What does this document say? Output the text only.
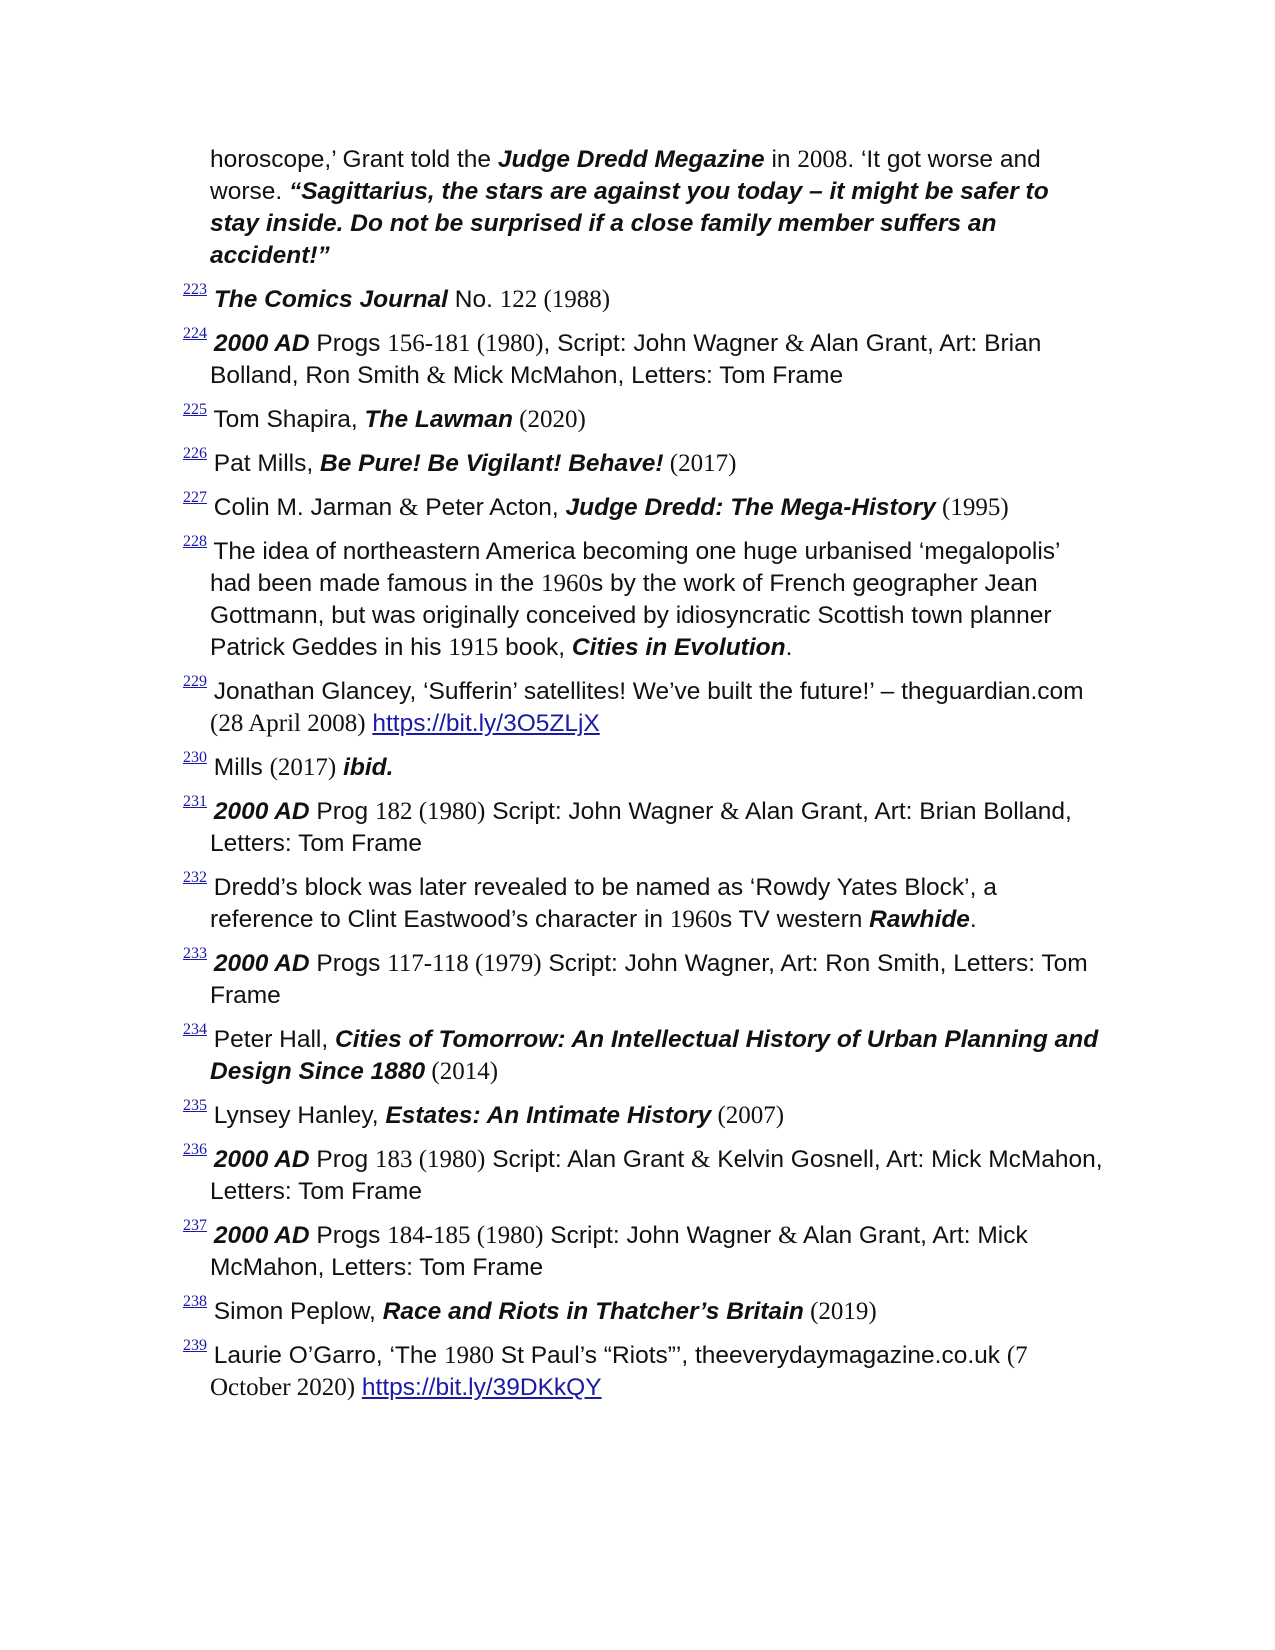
horoscope,’ Grant told the Judge Dredd Megazine in 2008. ‘It got worse and worse. “Sagittarius, the stars are against you today – it might be safer to stay inside. Do not be surprised if a close family member suffers an accident!”
$^{223}$ The Comics Journal No. 122 (1988)
$^{224}$ 2000 AD Progs 156-181 (1980), Script: John Wagner & Alan Grant, Art: Brian Bolland, Ron Smith & Mick McMahon, Letters: Tom Frame
$^{225}$ Tom Shapira, The Lawman (2020)
$^{226}$ Pat Mills, Be Pure! Be Vigilant! Behave! (2017)
$^{227}$ Colin M. Jarman & Peter Acton, Judge Dredd: The Mega-History (1995)
$^{228}$ The idea of northeastern America becoming one huge urbanised ‘megalopolis’ had been made famous in the 1960s by the work of French geographer Jean Gottmann, but was originally conceived by idiosyncratic Scottish town planner Patrick Geddes in his 1915 book, Cities in Evolution.
$^{229}$ Jonathan Glancey, ‘Sufferin’ satellites! We’ve built the future!’ – theguardian.com (28 April 2008) https://bit.ly/3O5ZLjX
$^{230}$ Mills (2017) ibid.
$^{231}$ 2000 AD Prog 182 (1980) Script: John Wagner & Alan Grant, Art: Brian Bolland, Letters: Tom Frame
$^{232}$ Dredd’s block was later revealed to be named as ‘Rowdy Yates Block’, a reference to Clint Eastwood’s character in 1960s TV western Rawhide.
$^{233}$ 2000 AD Progs 117-118 (1979) Script: John Wagner, Art: Ron Smith, Letters: Tom Frame
$^{234}$ Peter Hall, Cities of Tomorrow: An Intellectual History of Urban Planning and Design Since 1880 (2014)
$^{235}$ Lynsey Hanley, Estates: An Intimate History (2007)
$^{236}$ 2000 AD Prog 183 (1980) Script: Alan Grant & Kelvin Gosnell, Art: Mick McMahon, Letters: Tom Frame
$^{237}$ 2000 AD Progs 184-185 (1980) Script: John Wagner & Alan Grant, Art: Mick McMahon, Letters: Tom Frame
$^{238}$ Simon Peplow, Race and Riots in Thatcher’s Britain (2019)
$^{239}$ Laurie O’Garro, ‘The 1980 St Paul’s “Riots”’, theeverydaymagazine.co.uk (7 October 2020) https://bit.ly/39DKkQY
